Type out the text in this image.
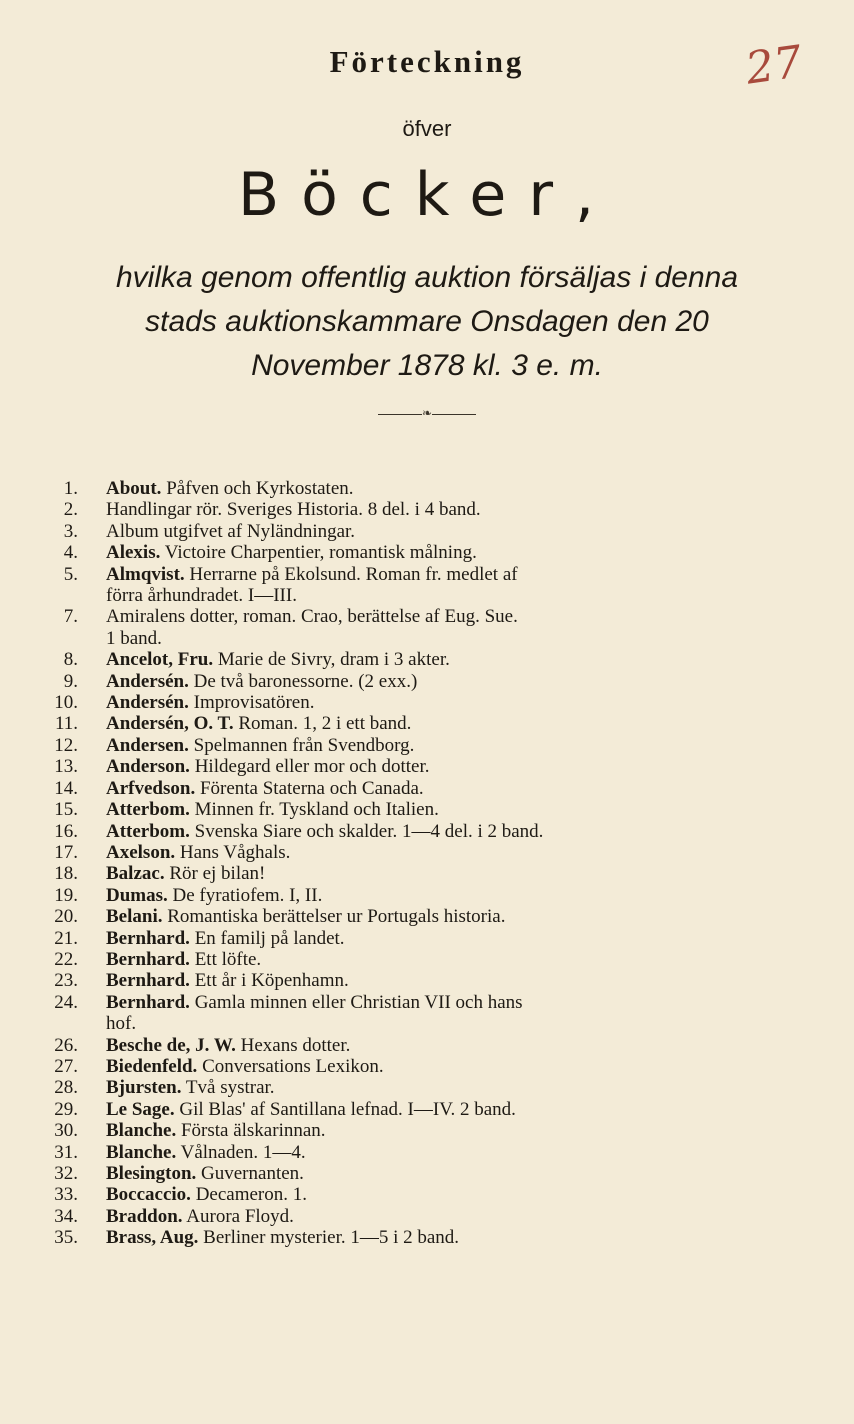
27
Förteckning
öfver
Böcker,
hvilka genom offentlig auktion försäljas i denna
stads auktionskammare Onsdagen den 20
November 1878 kl. 3 e. m.
❧
1. About. Påfven och Kyrkostaten.
2. Handlingar rör. Sveriges Historia. 8 del. i 4 band.
3. Album utgifvet af Nyländningar.
4. Alexis. Victoire Charpentier, romantisk målning.
5. Almqvist. Herrarne på Ekolsund. Roman fr. medlet af
förra århundradet. I—III.
7. Amiralens dotter, roman. Crao, berättelse af Eug. Sue.
1 band.
8. Ancelot, Fru. Marie de Sivry, dram i 3 akter.
9. Andersén. De två baronessorne. (2 exx.)
10. Andersén. Improvisatören.
11. Andersén, O. T. Roman. 1, 2 i ett band.
12. Andersen. Spelmannen från Svendborg.
13. Anderson. Hildegard eller mor och dotter.
14. Arfvedson. Förenta Staterna och Canada.
15. Atterbom. Minnen fr. Tyskland och Italien.
16. Atterbom. Svenska Siare och skalder. 1—4 del. i 2 band.
17. Axelson. Hans Våghals.
18. Balzac. Rör ej bilan!
19. Dumas. De fyratiofem. I, II.
20. Belani. Romantiska berättelser ur Portugals historia.
21. Bernhard. En familj på landet.
22. Bernhard. Ett löfte.
23. Bernhard. Ett år i Köpenhamn.
24. Bernhard. Gamla minnen eller Christian VII och hans
hof.
26. Besche de, J. W. Hexans dotter.
27. Biedenfeld. Conversations Lexikon.
28. Bjursten. Två systrar.
29. Le Sage. Gil Blas' af Santillana lefnad. I—IV. 2 band.
30. Blanche. Första älskarinnan.
31. Blanche. Vålnaden. 1—4.
32. Blesington. Guvernanten.
33. Boccaccio. Decameron. 1.
34. Braddon. Aurora Floyd.
35. Brass, Aug. Berliner mysterier. 1—5 i 2 band.
